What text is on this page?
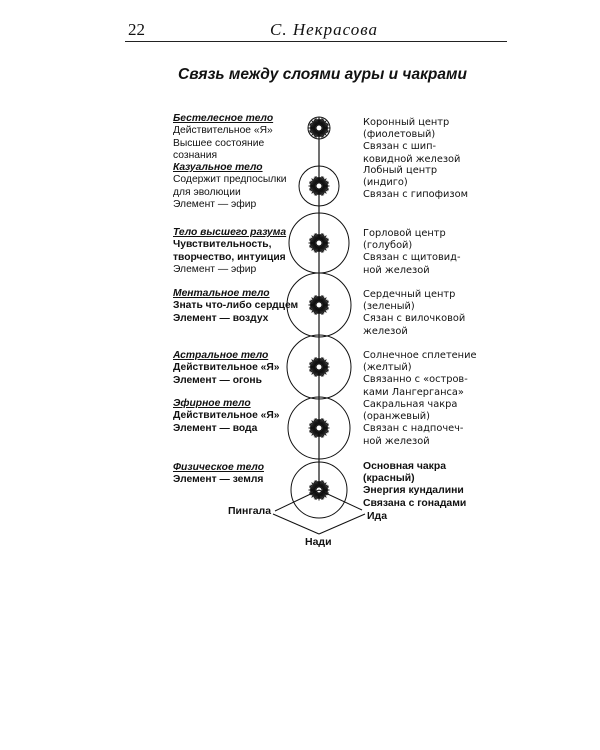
22	С. Некрасова
Связь между слоями ауры и чакрами
Бестелесное тело
Действительное «Я»
Высшее состояние
сознания
Казуальное тело
Содержит предпосылки
для эволюции
Элемент — эфир
Тело высшего разума
Чувствительность,
творчество, интуиция
Элемент — эфир
Ментальное тело
Знать что-либо сердцем
Элемент — воздух
Астральное тело
Действительное «Я»
Элемент — огонь
Эфирное тело
Действительное «Я»
Элемент — вода
Физическое тело
Элемент — земля
Коронный центр
(фиолетовый)
Связан с шип-
ковидной железой
Лобный центр
(индиго)
Связан с гипофизом
Горловой центр
(голубой)
Связан с щитовид-
ной железой
Сердечный центр
(зеленый)
Сязан с вилочковой
железой
Солнечное сплетение
(желтый)
Связанно с «остров-
ками Лангерганса»
Сакральная чакра
(оранжевый)
Связан с надпочеч-
ной железой
Основная чакра
(красный)
Энергия кундалини
Связана с гонадами
Пингала	Ида
Нади
